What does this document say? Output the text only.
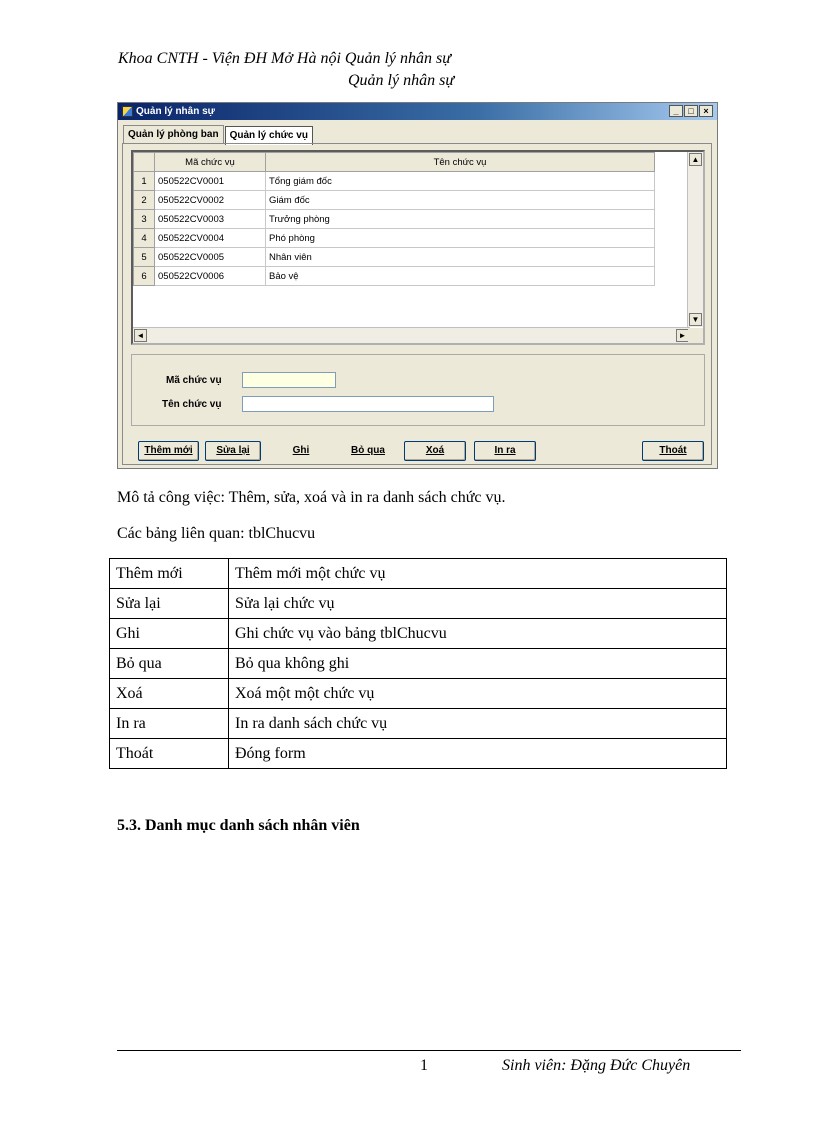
Khoa CNTH - Viện ĐH Mở Hà nội Quản lý nhân sự
Quản lý nhân sự
Quản lý nhân sự	_	□	×
Quản lý phòng ban	Quản lý chức vụ
	Mã chức vụ	Tên chức vụ
1	050522CV0001	Tổng giám đốc
2	050522CV0002	Giám đốc
3	050522CV0003	Trưởng phòng
4	050522CV0004	Phó phòng
5	050522CV0005	Nhân viên
6	050522CV0006	Bảo vệ
▲
▼
◄	►
Mã chức vụ
Tên chức vụ
Thêm mới	Sửa lại	Ghi	Bỏ qua	Xoá	In ra	Thoát
Mô tả công việc: Thêm, sửa, xoá và in ra danh sách chức vụ.
Các bảng liên quan: tblChucvu
Thêm mới	Thêm mới một chức vụ
Sửa lại	Sửa lại chức vụ
Ghi	Ghi chức vụ vào bảng tblChucvu
Bỏ qua	Bỏ qua không ghi
Xoá	Xoá một một chức vụ
In ra	In ra danh sách chức vụ
Thoát	Đóng form
5.3. Danh mục danh sách nhân viên
1	Sinh viên: Đặng Đức Chuyên
